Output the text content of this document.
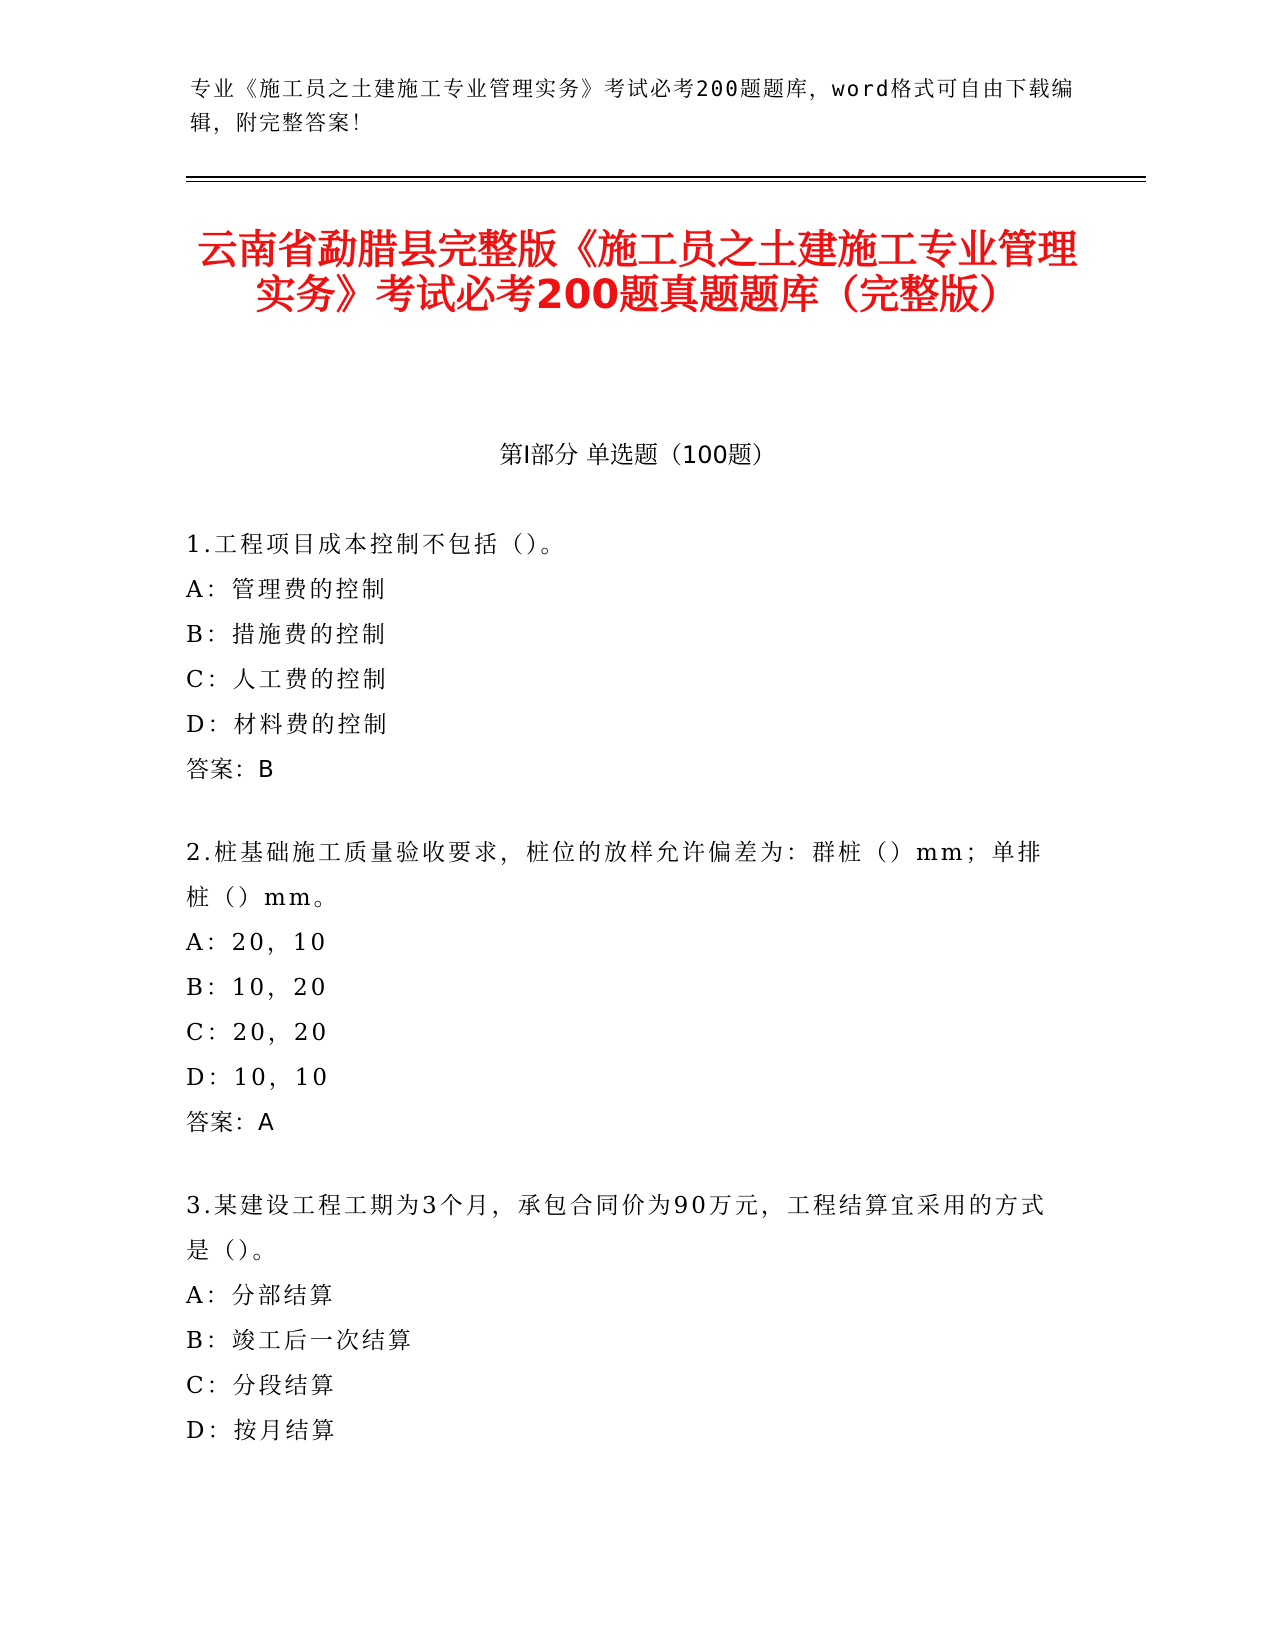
专业《施工员之土建施工专业管理实务》考试必考200题题库，word格式可自由下载编辑，附完整答案！
云南省勐腊县完整版《施工员之土建施工专业管理实务》考试必考200题真题题库（完整版）
第I部分 单选题（100题）

1.工程项目成本控制不包括（）。

A：管理费的控制

B：措施费的控制

C：人工费的控制

D：材料费的控制

答案：B

2.桩基础施工质量验收要求，桩位的放样允许偏差为：群桩（）mm；单排桩（）mm。

A：20，10

B：10，20

C：20，20

D：10，10

答案：A

3.某建设工程工期为3个月，承包合同价为90万元，工程结算宜采用的方式是（）。

A：分部结算

B：竣工后一次结算

C：分段结算

D：按月结算
